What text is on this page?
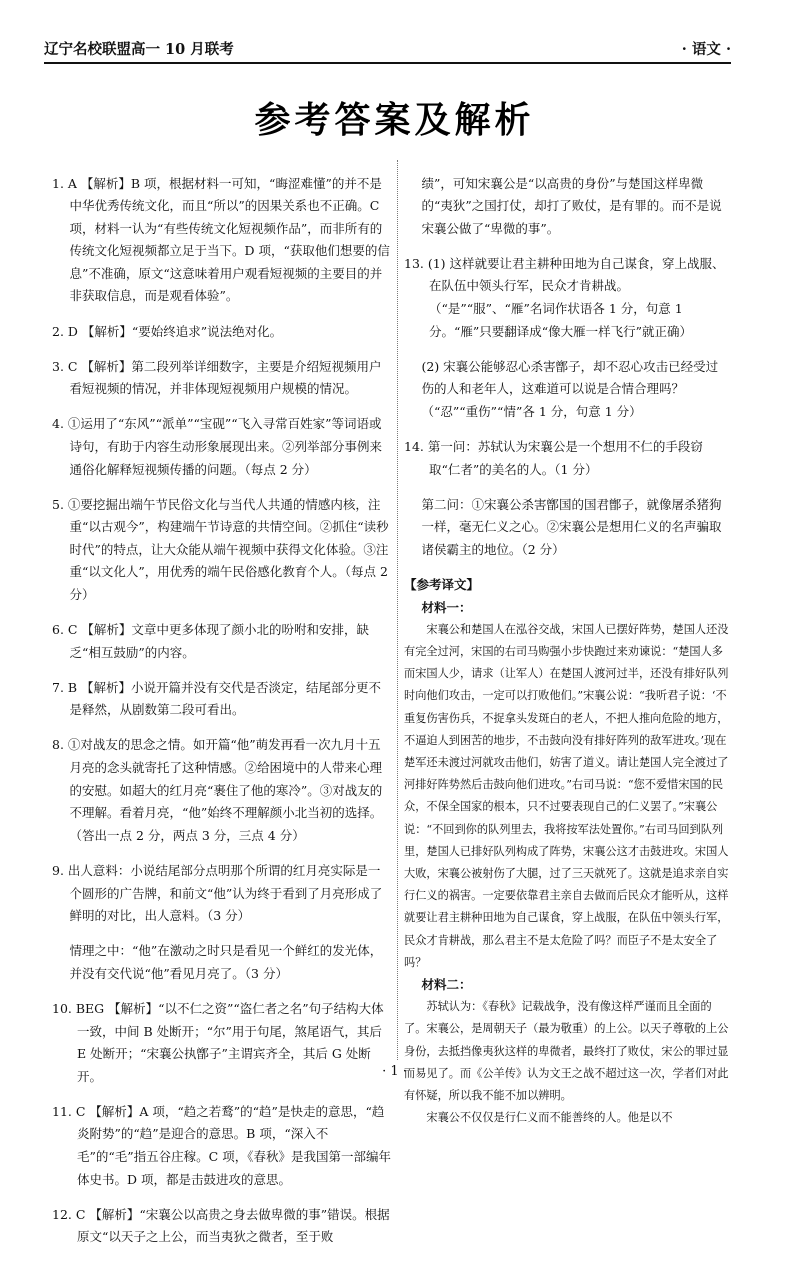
辽宁名校联盟高一 10 月联考	· 语文 ·
参考答案及解析

1. A 【解析】B 项，根据材料一可知，“晦涩难懂”的并不是中华优秀传统文化，而且“所以”的因果关系也不正确。C 项，材料一认为“有些传统文化短视频作品”，而非所有的传统文化短视频都立足于当下。D 项，“获取他们想要的信息”不准确，原文“这意味着用户观看短视频的主要目的并非获取信息，而是观看体验”。

2. D 【解析】“要始终追求”说法绝对化。

3. C 【解析】第二段列举详细数字，主要是介绍短视频用户看短视频的情况，并非体现短视频用户规模的情况。

4. ①运用了“东风”“派单”“宝砚”“飞入寻常百姓家”等词语或诗句，有助于内容生动形象展现出来。②列举部分事例来通俗化解释短视频传播的问题。（每点 2 分）

5. ①要挖掘出端午节民俗文化与当代人共通的情感内核，注重“以古观今”，构建端午节诗意的共情空间。②抓住“读秒时代”的特点，让大众能从端午视频中获得文化体验。③注重“以文化人”，用优秀的端午民俗感化教育个人。（每点 2 分）

6. C 【解析】文章中更多体现了颜小北的吩咐和安排，缺乏“相互鼓励”的内容。

7. B 【解析】小说开篇并没有交代是否淡定，结尾部分更不是释然，从剧数第二段可看出。

8. ①对战友的思念之情。如开篇“他”萌发再看一次九月十五月亮的念头就寄托了这种情感。②给困境中的人带来心理的安慰。如超大的红月亮“裹住了他的寒冷”。③对战友的不理解。看着月亮，“他”始终不理解颜小北当初的选择。（答出一点 2 分，两点 3 分，三点 4 分）

9. 出人意料：小说结尾部分点明那个所谓的红月亮实际是一个圆形的广告牌，和前文“他”认为终于看到了月亮形成了鲜明的对比，出人意料。（3 分）

情理之中：“他”在激动之时只是看见一个鲜红的发光体，并没有交代说“他”看见月亮了。（3 分）

10. BEG 【解析】“以不仁之资”“盗仁者之名”句子结构大体一致，中间 B 处断开；“尔”用于句尾，煞尾语气，其后 E 处断开；“宋襄公执鄫子”主谓宾齐全，其后 G 处断开。

11. C 【解析】A 项，“趋之若鹜”的“趋”是快走的意思，“趋炎附势”的“趋”是迎合的意思。B 项，“深入不毛”的“毛”指五谷庄稼。C 项，《春秋》是我国第一部编年体史书。D 项，都是击鼓进攻的意思。

12. C 【解析】“宋襄公以高贵之身去做卑微的事”错误。根据原文“以天子之上公，而当夷狄之微者，至于败

绩”，可知宋襄公是“以高贵的身份”与楚国这样卑微的“夷狄”之国打仗，却打了败仗，是有罪的。而不是说宋襄公做了“卑微的事”。

13. (1) 这样就要让君主耕种田地为自己谋食，穿上战服、在队伍中领头行军，民众才肯耕战。（“是”“服”、“雁”名词作状语各 1 分，句意 1 分。“雁”只要翻译成“像大雁一样飞行”就正确）

(2) 宋襄公能够忍心杀害鄫子，却不忍心攻击已经受过伤的人和老年人，这难道可以说是合情合理吗？（“忍”“重伤”“情”各 1 分，句意 1 分）

14. 第一问：苏轼认为宋襄公是一个想用不仁的手段窃取“仁者”的美名的人。（1 分）

第二问：①宋襄公杀害鄫国的国君鄫子，就像屠杀猪狗一样，毫无仁义之心。②宋襄公是想用仁义的名声骗取诸侯霸主的地位。（2 分）

【参考译文】
材料一：

宋襄公和楚国人在泓谷交战，宋国人已摆好阵势，楚国人还没有完全过河，宋国的右司马购强小步快跑过来劝谏说：“楚国人多而宋国人少，请求（让军人）在楚国人渡河过半，还没有排好队列时向他们攻击，一定可以打败他们。”宋襄公说：“我听君子说：‘不重复伤害伤兵，不捉拿头发斑白的老人，不把人推向危险的地方，不逼迫人到困苦的地步，不击鼓向没有排好阵列的敌军进攻。’现在楚军还未渡过河就攻击他们，妨害了道义。请让楚国人完全渡过了河排好阵势然后击鼓向他们进攻。”右司马说：“您不爱惜宋国的民众，不保全国家的根本，只不过要表现自己的仁义罢了。”宋襄公说：“不回到你的队列里去，我将按军法处置你。”右司马回到队列里，楚国人已排好队列构成了阵势，宋襄公这才击鼓进攻。宋国人大败，宋襄公被射伤了大腿，过了三天就死了。这就是追求亲自实行仁义的祸害。一定要依靠君主亲自去做而后民众才能听从，这样就要让君主耕种田地为自己谋食，穿上战服，在队伍中领头行军，民众才肯耕战，那么君主不是太危险了吗？而臣子不是太安全了吗？

材料二：

苏轼认为：《春秋》记载战争，没有像这样严谨而且全面的了。宋襄公，是周朝天子（最为敬重）的上公。以天子尊敬的上公身份，去抵挡像夷狄这样的卑微者，最终打了败仗，宋公的罪过显而易见了。而《公羊传》认为文王之战不超过这一次，学者们对此有怀疑，所以我不能不加以辨明。

宋襄公不仅仅是行仁义而不能善终的人。他是以不

· 1 ·
